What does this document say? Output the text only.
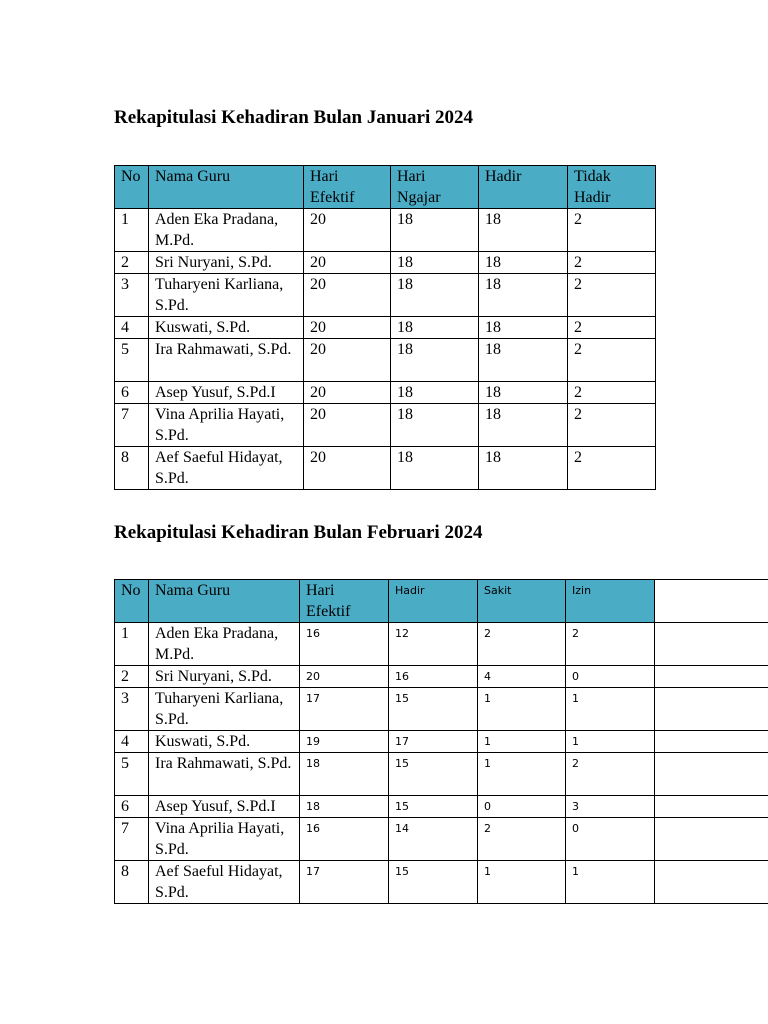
Rekapitulasi Kehadiran Bulan Januari 2024
No	Nama Guru	Hari Efektif	Hari Ngajar	Hadir	Tidak Hadir
1	Aden Eka Pradana, M.Pd.	20	18	18	2
2	Sri Nuryani, S.Pd.	20	18	18	2
3	Tuharyeni Karliana, S.Pd.	20	18	18	2
4	Kuswati, S.Pd.	20	18	18	2
5	Ira Rahmawati, S.Pd.	20	18	18	2
6	Asep Yusuf, S.Pd.I	20	18	18	2
7	Vina Aprilia Hayati, S.Pd.	20	18	18	2
8	Aef Saeful Hidayat, S.Pd.	20	18	18	2
Rekapitulasi Kehadiran Bulan Februari 2024
No	Nama Guru	Hari Efektif	Hadir	Sakit	Izin	
1	Aden Eka Pradana, M.Pd.	16	12	2	2	
2	Sri Nuryani, S.Pd.	20	16	4	0	
3	Tuharyeni Karliana, S.Pd.	17	15	1	1	
4	Kuswati, S.Pd.	19	17	1	1	
5	Ira Rahmawati, S.Pd.	18	15	1	2	
6	Asep Yusuf, S.Pd.I	18	15	0	3	
7	Vina Aprilia Hayati, S.Pd.	16	14	2	0	
8	Aef Saeful Hidayat, S.Pd.	17	15	1	1	
